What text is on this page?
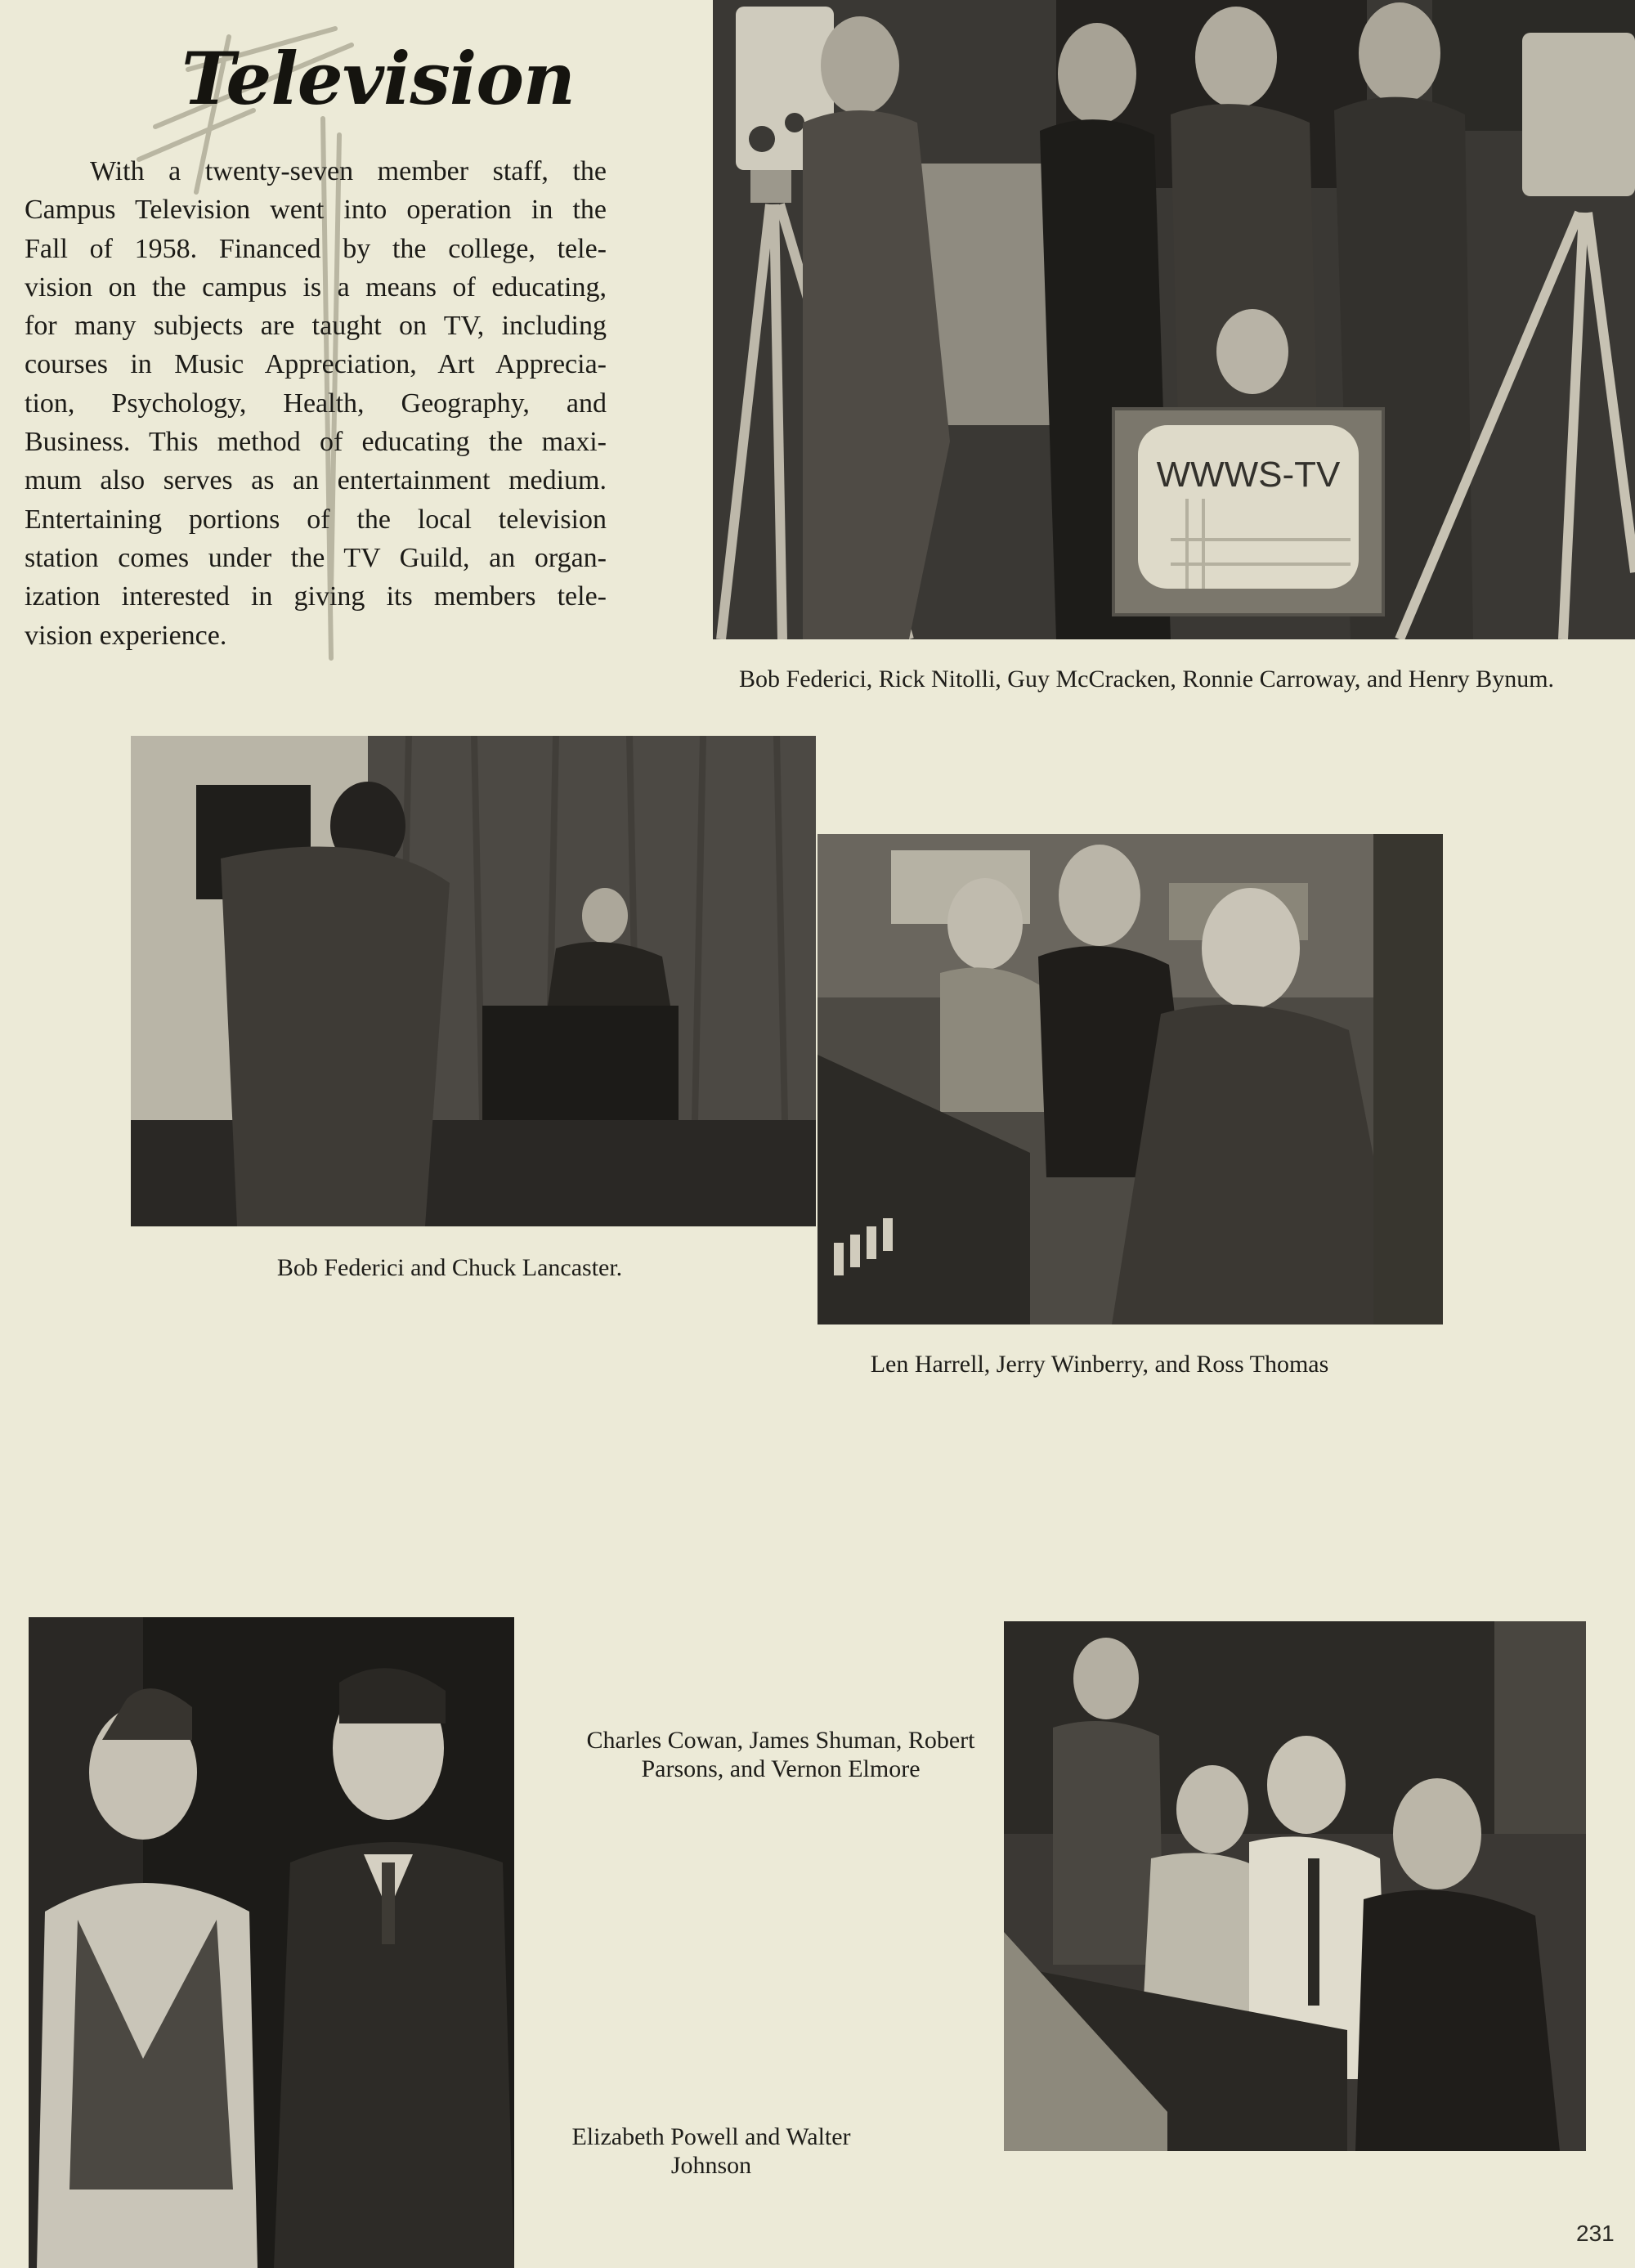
Television
With a twenty-seven member staff, the
Campus Television went into operation in the
Fall of 1958. Financed by the college, tele-
vision on the campus is a means of educating,
for many subjects are taught on TV, including
courses in Music Appreciation, Art Apprecia-
tion, Psychology, Health, Geography, and
Business. This method of educating the maxi-
mum also serves as an entertainment medium.
Entertaining portions of the local television
station comes under the TV Guild, an organ-
ization interested in giving its members tele-
vision experience.
WWWS-TV
Bob Federici, Rick Nitolli, Guy McCracken, Ronnie Carroway, and Henry Bynum.
Bob Federici and Chuck Lancaster.
Len Harrell, Jerry Winberry, and Ross Thomas
Elizabeth Powell and Walter Johnson
Charles Cowan, James Shuman, Robert Parsons, and Vernon Elmore
231
